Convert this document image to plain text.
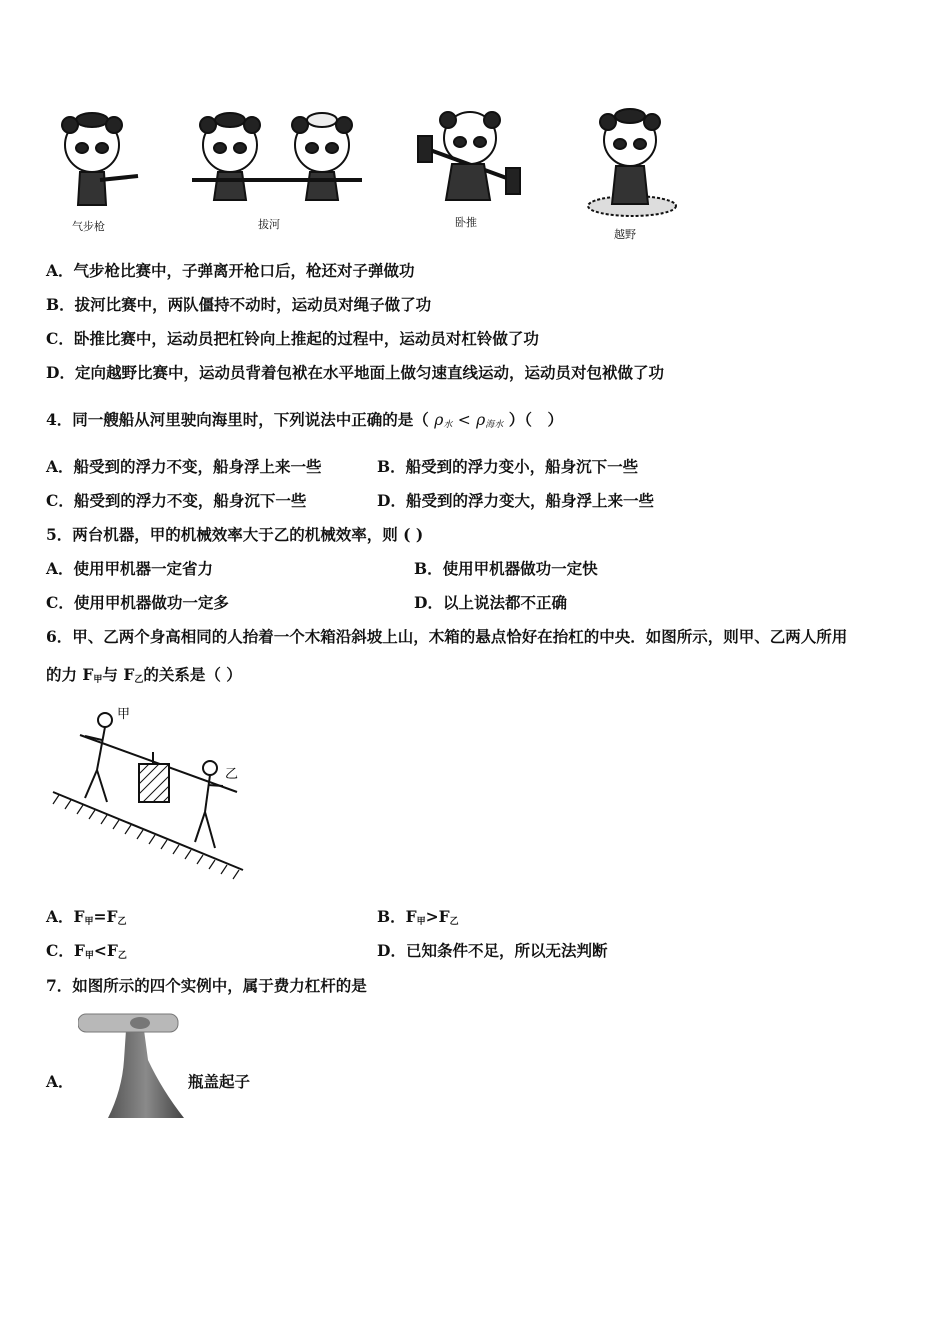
气步枪	拔河	卧推
越野
A．气步枪比赛中，子弹离开枪口后，枪还对子弹做功
B．拔河比赛中，两队僵持不动时，运动员对绳子做了功
C．卧推比赛中，运动员把杠铃向上推起的过程中，运动员对杠铃做了功
D．定向越野比赛中，运动员背着包袱在水平地面上做匀速直线运动，运动员对包袱做了功
4．同一艘船从河里驶向海里时，下列说法中正确的是（ $\rho_水 < \rho_{海水}$ ）（　）
A．船受到的浮力不变，船身浮上来一些	B．船受到的浮力变小，船身沉下一些
C．船受到的浮力不变，船身沉下一些	D．船受到的浮力变大，船身浮上来一些
5．两台机器，甲的机械效率大于乙的机械效率，则 ( )
A．使用甲机器一定省力	B．使用甲机器做功一定快
C．使用甲机器做功一定多	D．以上说法都不正确
6．甲、乙两个身高相同的人抬着一个木箱沿斜坡上山，木箱的悬点恰好在抬杠的中央．如图所示，则甲、乙两人所用
的力 $F_甲$与 $F_乙$的关系是（ ）
甲
乙
A．$F_甲=F_乙$	B．$F_甲>F_乙$
C．$F_甲<F_乙$	D．已知条件不足，所以无法判断
7．如图所示的四个实例中，属于费力杠杆的是
A．	瓶盖起子
